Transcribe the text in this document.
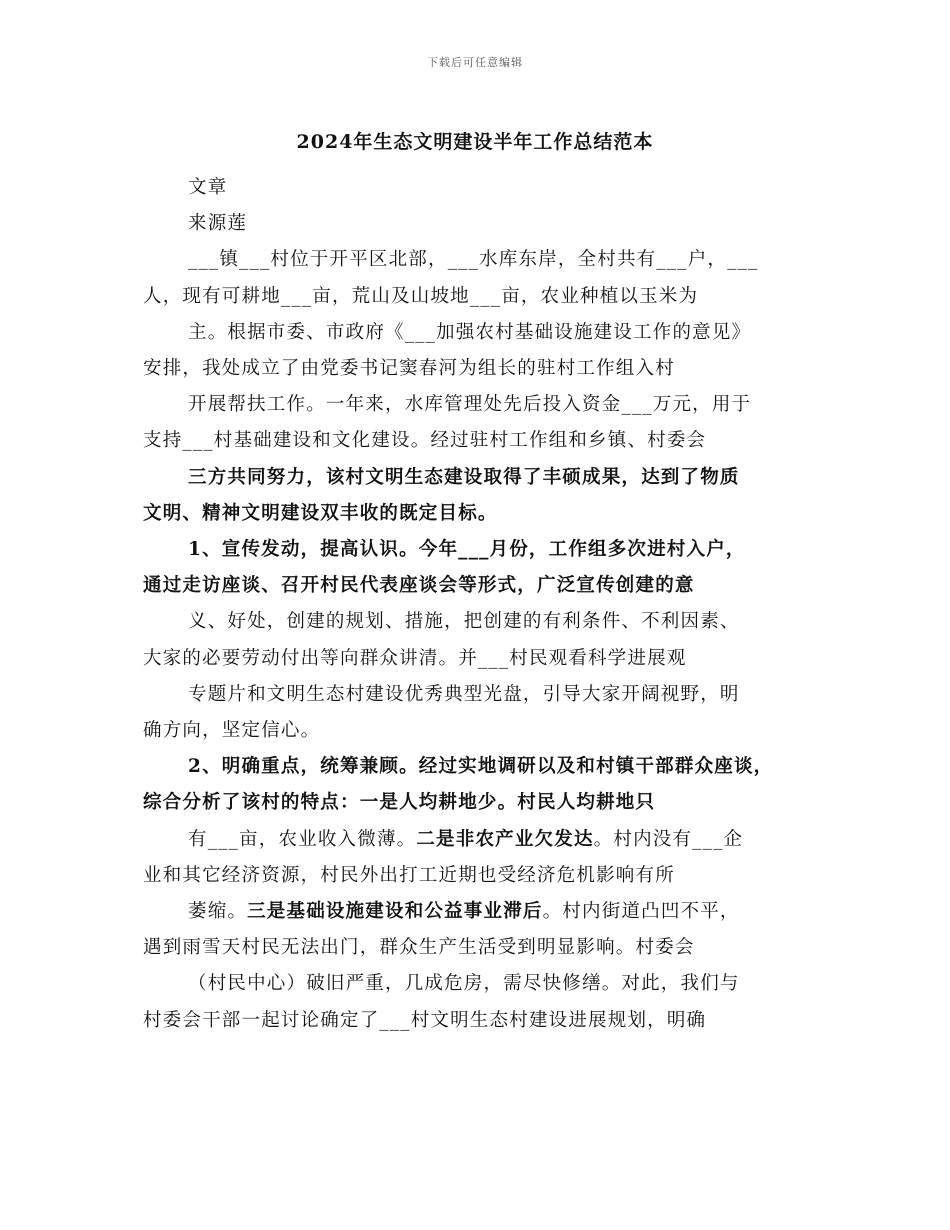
下载后可任意编辑
2024年生态文明建设半年工作总结范本
文章
来源莲
___镇___村位于开平区北部，___水库东岸，全村共有___户，___
人，现有可耕地___亩，荒山及山坡地___亩，农业种植以玉米为
主。根据市委、市政府《___加强农村基础设施建设工作的意见》
安排，我处成立了由党委书记窦春河为组长的驻村工作组入村
开展帮扶工作。一年来，水库管理处先后投入资金___万元，用于
支持___村基础建设和文化建设。经过驻村工作组和乡镇、村委会
三方共同努力，该村文明生态建设取得了丰硕成果，达到了物质
文明、精神文明建设双丰收的既定目标。
1、宣传发动，提高认识。今年___月份，工作组多次进村入户，
通过走访座谈、召开村民代表座谈会等形式，广泛宣传创建的意
义、好处，创建的规划、措施，把创建的有利条件、不利因素、
大家的必要劳动付出等向群众讲清。并___村民观看科学进展观
专题片和文明生态村建设优秀典型光盘，引导大家开阔视野，明
确方向，坚定信心。
2、明确重点，统筹兼顾。经过实地调研以及和村镇干部群众座谈，
综合分析了该村的特点：一是人均耕地少。村民人均耕地只
有___亩，农业收入微薄。二是非农产业欠发达。村内没有___企
业和其它经济资源，村民外出打工近期也受经济危机影响有所
萎缩。三是基础设施建设和公益事业滞后。村内街道凸凹不平，
遇到雨雪天村民无法出门，群众生产生活受到明显影响。村委会
（村民中心）破旧严重，几成危房，需尽快修缮。对此，我们与
村委会干部一起讨论确定了___村文明生态村建设进展规划，明确
